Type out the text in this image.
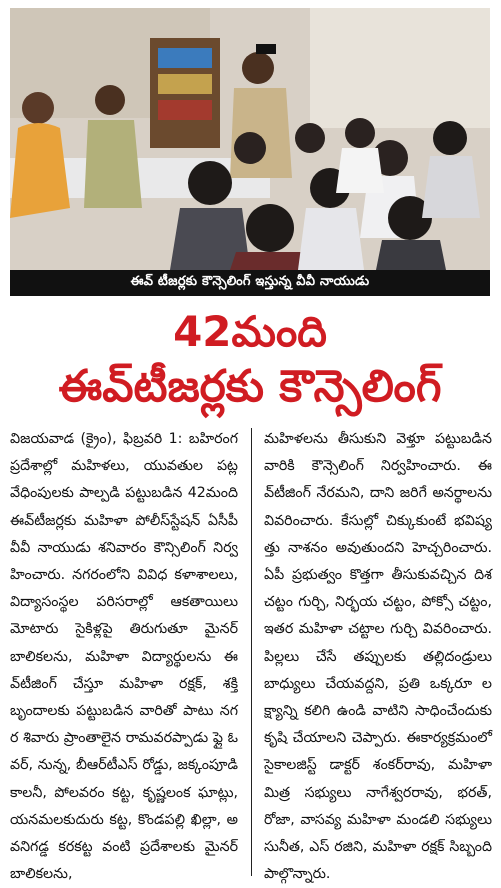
ఈవ్ టీజర్లకు కౌన్సెలింగ్ ఇస్తున్న వీవీ నాయుడు
42మంది
ఈవ్‌టీజర్లకు కౌన్సెలింగ్
విజయవాడ (క్రైం), ఫిబ్రవరి 1: బహిరంగ ప్రదేశాల్లో మహిళలు, యువతుల పట్ల వేధింపులకు పాల్పడి పట్టుబడిన 42మంది ఈవ్‌టీజర్లకు మహిళా పోలీస్‌స్టేషన్ ఏసీపీ వీవీ నాయుడు శనివారం కౌన్సిలింగ్ నిర్వహించారు. నగరంలోని వివిధ కళాశాలలు, విద్యాసంస్థల పరిసరాల్లో ఆకతాయిలు మోటారు సైకిళ్లపై తిరుగుతూ మైనర్ బాలికలను, మహిళా విద్యార్థులను ఈవ్‌టీజింగ్ చేస్తూ మహిళా రక్షక్, శక్తి బృందాలకు పట్టుబడిన వారితో పాటు నగర శివారు ప్రాంతాలైన రామవరప్పాడు ఫ్లై ఓవర్, నున్న, బీఆర్‌టీఎస్ రోడ్డు, జక్కంపూడి కాలనీ, పోలవరం కట్ట, కృష్ణలంక ఘాట్లు, యనమలకుదురు కట్ట, కొండపల్లి ఖిల్లా, అవనిగడ్డ కరకట్ట వంటి ప్రదేశాలకు మైనర్ బాలికలను,
మహిళలను తీసుకుని వెళ్తూ పట్టుబడిన వారికి కౌన్సెలింగ్ నిర్వహించారు. ఈవ్‌టీజింగ్ నేరమని, దాని జరిగే అనర్థాలను వివరించారు. కేసుల్లో చిక్కుకుంటే భవిష్యత్తు నాశనం అవుతుందని హెచ్చరించారు. ఏపీ ప్రభుత్వం కొత్తగా తీసుకువచ్చిన దిశ చట్టం గుర్చి, నిర్భయ చట్టం, పోక్సో చట్టం, ఇతర మహిళా చట్టాల గుర్చి వివరించారు. పిల్లలు చేసే తప్పులకు తల్లిదండ్రులు బాధ్యులు చేయవద్దని, ప్రతి ఒక్కరూ లక్ష్యాన్ని కలిగి ఉండి వాటిని సాధించేందుకు కృషి చేయాలని చెప్పారు. ఈకార్యక్రమంలో సైకాలజిస్ట్ డాక్టర్ శంకర్‌రావు, మహిళా మిత్ర సభ్యులు నాగేశ్వరరావు, భరత్, రోజా, వాసవ్య మహిళా మండలి సభ్యులు సునీత, ఎస్ రజిని, మహిళా రక్షక్ సిబ్బంది పాల్గొన్నారు.
